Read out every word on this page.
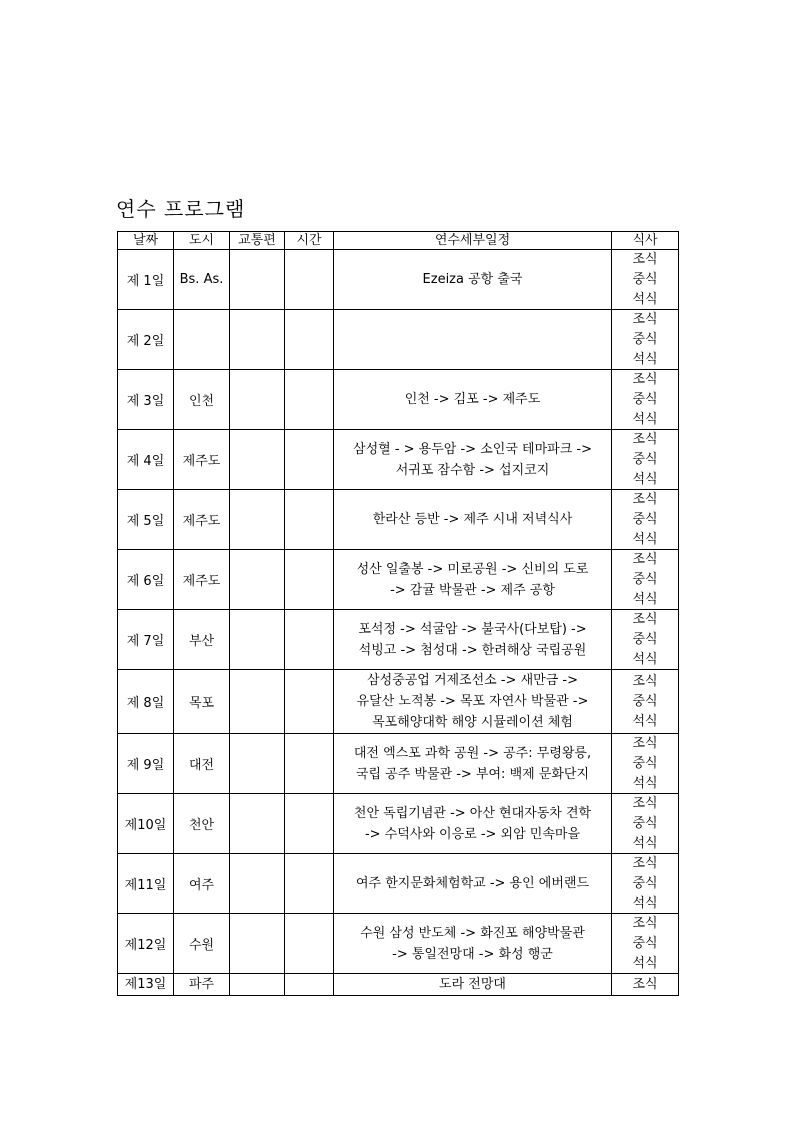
연수 프로그램
날짜	도시	교통편	시간	연수세부일정	식사
제 1일	Bs. As.			Ezeiza 공항 출국	조식
중식
석식

제 2일					조식
중식
석식

제 3일	인천			인천 -> 김포 -> 제주도	조식
중식
석식

제 4일	제주도			삼성혈 - > 용두암 -> 소인국 테마파크 ->
서귀포 잠수함 -> 섭지코지	조식
중식
석식

제 5일	제주도			한라산 등반 -> 제주 시내 저녁식사	조식
중식
석식

제 6일	제주도			성산 일출봉 -> 미로공원 -> 신비의 도로
-> 감귤 박물관 -> 제주 공항	조식
중식
석식

제 7일	부산			포석정 -> 석굴암 -> 불국사(다보탑) ->
석빙고 -> 첨성대 -> 한려해상 국립공원	조식
중식
석식

제 8일	목포			삼성중공업 거제조선소 -> 새만금 ->
유달산 노적봉 -> 목포 자연사 박물관 ->
목포해양대학 해양 시뮬레이션 체험	조식
중식
석식

제 9일	대전			대전 엑스포 과학 공원 -> 공주: 무령왕릉,
국립 공주 박물관 -> 부여: 백제 문화단지	조식
중식
석식

제10일	천안			천안 독립기념관 -> 아산 현대자동차 견학
-> 수덕사와 이응로 -> 외암 민속마을	조식
중식
석식

제11일	여주			여주 한지문화체험학교 -> 용인 에버랜드	조식
중식
석식

제12일	수원			수원 삼성 반도체 -> 화진포 해양박물관
-> 통일전망대 -> 화성 행군	조식
중식
석식

제13일	파주			도라 전망대	조식
